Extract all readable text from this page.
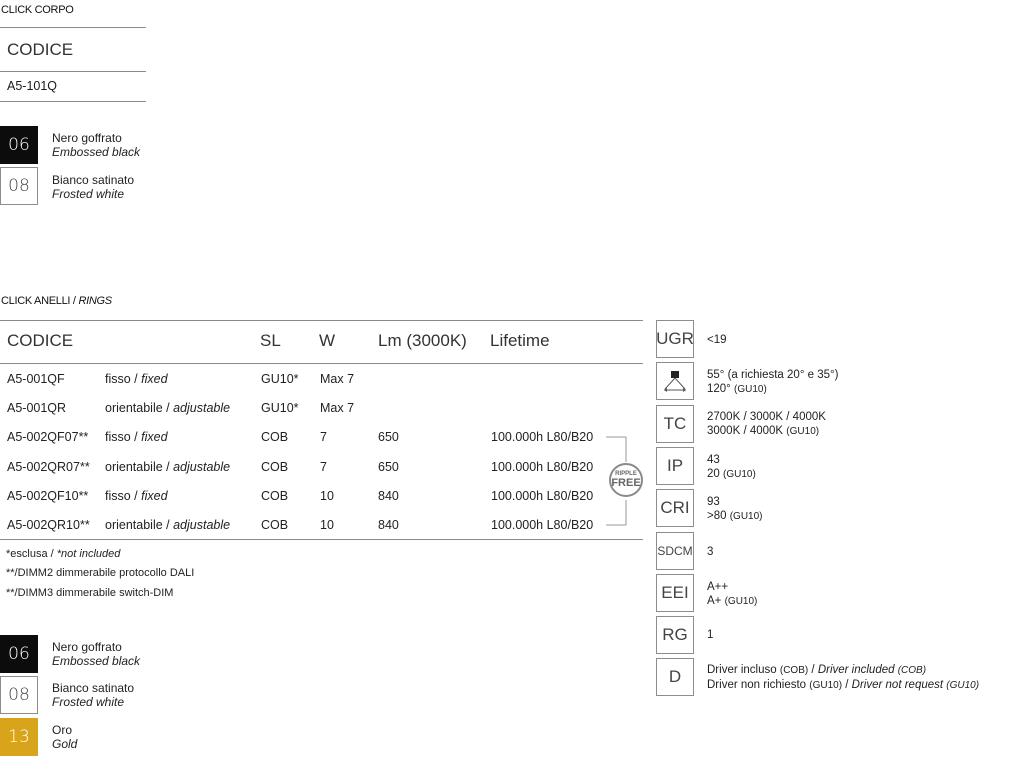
CLICK CORPO
CODICE
A5-101Q
06	Nero goffrato
Embossed black
08	Bianco satinato
Frosted white
CLICK ANELLI / RINGS
CODICE	SL W	Lm (3000K) Lifetime
A5-001QF	fisso / fixed	GU10* Max 7
A5-001QR	orientabile / adjustable GU10* Max 7
A5-002QF07** fisso / fixed	COB	7	650	100.000h L80/B20
A5-002QR07** orientabile / adjustable COB	7	650	100.000h L80/B20
A5-002QF10** fisso / fixed	COB	10	840	100.000h L80/B20
A5-002QR10** orientabile / adjustable COB	10	840	100.000h L80/B20
RIPPLE
FREE
*esclusa / *not included
**/DIMM2 dimmerabile protocollo DALI
**/DIMM3 dimmerabile switch-DIM
06	Nero goffrato
Embossed black
08	Bianco satinato
Frosted white
13	Oro
Gold
UGR <19
55° (a richiesta 20° e 35°)
120° (GU10)
TC	2700K / 3000K / 4000K
3000K / 4000K (GU10)
IP	43
20 (GU10)
CRI	93
>80 (GU10)
SDCM 3
EEI	A++
A+ (GU10)
RG	1
D	Driver incluso (COB) / Driver included (COB)
Driver non richiesto (GU10) / Driver not request (GU10)
